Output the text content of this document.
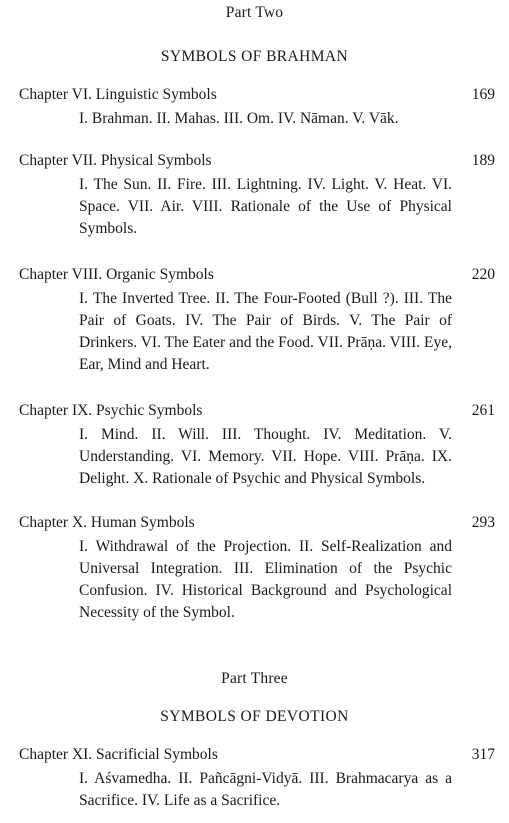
Part Two
SYMBOLS OF BRAHMAN
Chapter VI. Linguistic Symbols	169

I. Brahman. II. Mahas. III. Om. IV. Nāman. V. Vāk.

Chapter VII. Physical Symbols	189

I. The Sun. II. Fire. III. Lightning. IV. Light. V. Heat. VI. Space. VII. Air. VIII. Rationale of the Use of Physical Symbols.

Chapter VIII. Organic Symbols	220

I. The Inverted Tree. II. The Four-Footed (Bull ?). III. The Pair of Goats. IV. The Pair of Birds. V. The Pair of Drinkers. VI. The Eater and the Food. VII. Prāṇa. VIII. Eye, Ear, Mind and Heart.

Chapter IX. Psychic Symbols	261

I. Mind. II. Will. III. Thought. IV. Meditation. V. Understanding. VI. Memory. VII. Hope. VIII. Prāṇa. IX. Delight. X. Rationale of Psychic and Physical Symbols.

Chapter X. Human Symbols	293

I. Withdrawal of the Projection. II. Self-Realization and Universal Integration. III. Elimination of the Psychic Confusion. IV. Historical Background and Psychological Necessity of the Symbol.

Part Three
SYMBOLS OF DEVOTION
Chapter XI. Sacrificial Symbols	317

I. Aśvamedha. II. Pañcāgni-Vidyā. III. Brahmacarya as a Sacrifice. IV. Life as a Sacrifice.
